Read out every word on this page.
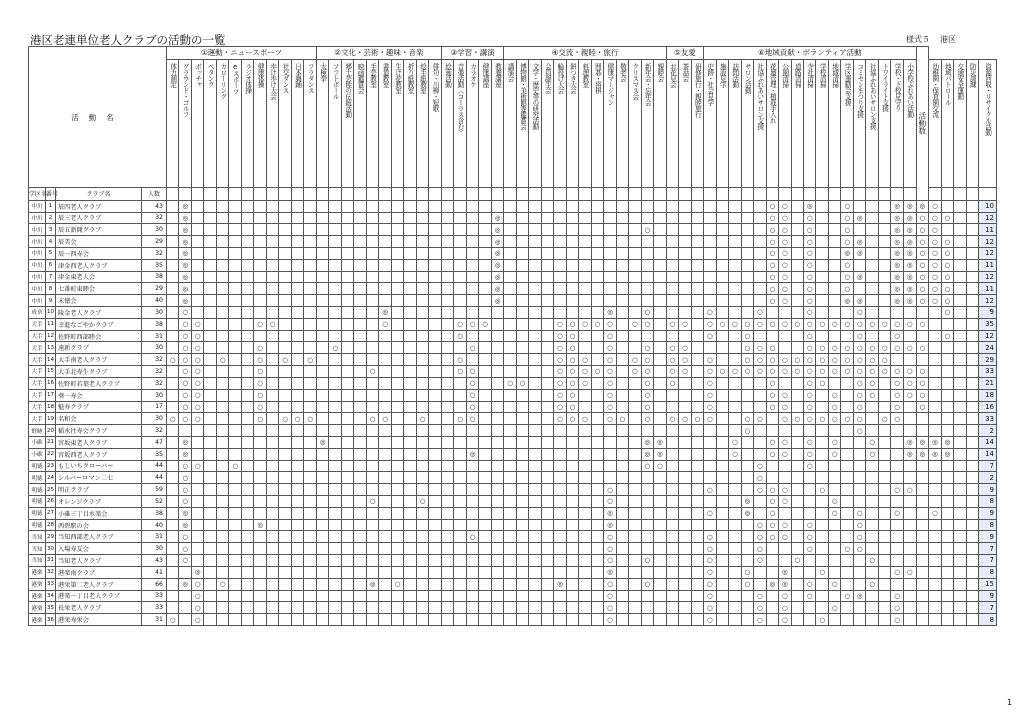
港区老連単位老人クラブの活動の一覧	様式５ 港区
活動名	①運動・ニュースポーツ	②文化・芸術・趣味・音楽	③学習・講演	④交流・親睦・旅行	⑤友愛	⑥地域貢献・ボランティア活動	活動数

体力測定	グラウンド・ゴルフ	ボッチャ	ペタンク	カローリング	eスポーツ	ラジオ体操	健康体操	歩け歩け大会	社交ダンス	日本舞踊	フラダンス	太極拳	ソフトボール	郷土芸能の伝統活動	映画鑑賞会	手芸教室	書道教室	生け花教室	折り紙教室	絵手紙教室	俳句・川柳・短歌	絵画活動	音楽活動（コーラス含む）	カラオケ	健康講座	教養講座	講演会	博物館・美術館等鑑賞会	文学・歴史等の研究活動	会員誕生会	輪投げ大会	餅つき大会	料理教室	囲碁・将棋	健康マージャン	敬老会	クリスマス会	新年会・忘年会	親睦会	お花見会	茶話会	研修旅行・親睦旅行	史跡・社会見学	施設見学	訪問活動	サロン活動	社協ふれあいサロン支援	花壇管理・植栽手入れ	公園清掃	道路清掃	寺社清掃	学校清掃	地域清掃	学区運動会支援	コミセンまつり支援	社協ふれあいサロン支援	トワイライト支援	学校・下校見守り	小学校ふれあい活動	幼稚園・保育園交流	地域パトロール	交通安全運動	防災訓練	資源回収・リサイクル活動

学区名	番号	クラブ名	人数																																																																	
中川	1	辰四老人クラブ	43		◎																																															○	○		◎			○				◎	◎	◎	○				10
中川	2	辰三老人クラブ	32		◎																									◎																						○	○		○			○	◎			◎	◎	○	○	○			12
中川	3	辰五新開クラブ	30		◎																									◎												○										○	○		○			○				◎	◎	○	○				11
中川	4	辰美会	29		◎																									◎																						○	○		○			○	◎			◎	◎	○	○	○			12
中川	5	辰一西寿会	32		◎																									◎																						○	○		○			◎	◎			◎	◎	○	○	○			12
中川	6	津金西老人クラブ	35		◎																									◎																						○	○		○			○				◎	◎	○	○	○			11
中川	7	津金東老人会	38		◎																									◎																						○	○		○			○	◎			◎	◎	○	○	○			12
中川	8	七番町東睦会	29		◎																									◎																						○	○		○			○				◎	◎	○	○	○			11
中川	9	末徳会	40		◎																									◎																						○	○		○			◎	◎			◎	◎	○	○	○			12
成章	10	陵金老人クラブ	30		○																◎																		◎			○					○				○				○				○							○			9
大手	11	幸進なごやかクラブ	38		○	○					○	○									○						○	○	○						○	○	○	○	○		○	○		○	○		○	○	○	○	○	○	○	○	○	○	○	○	○	○	○	○	○	○					35
大手	12	佐野町西部睦会	31		○	○																					○								○	○			○								○			○					○				○			○				○			12
大手	13	遠新クラブ	30		○	○					○						○											○							○	○			○			○		○	○					○	○	○			○	○	○	○	○	○	○	○	○	○					24
大手	14	大手南老人クラブ	32	○	○	○		○			○		○		○												○								○	○	○		○		○	○		○	○		○			○	○	○	○	○	○	○	○	○	○	○	○								29
大手	15	大手北寿生クラブ	32		○	○					○									○							○	○							○	○	○	○	○		○	○		○	○		○	○	○	○	○	○	○	○	○	○	○	○	○	○	○	○	○	○					33
大手	16	佐野町若葉老人クラブ	32		○	○					○																	○			○	○			○	○	○		○			○		○			○					○			○	○			○	○		○	○	○					21
大手	17	葵一寿会	30		○	○					○																	○							○	○			○			○					○					○	○		○		○		○	○		○	○	○					18
大手	18	魁寿クラブ	17		○	○					○																	○							○	○			○			○					○					○	○		○		○		○			○		○					16
大手	19	名和会	30	○	○	○					○		○	○	○					○	○			○			○	○							○	○	○		○	○		○		○	○	○	○			○	○		○	○	○	○	○	○	○		○	○							33
野跡	20	稲永往寿会クラブ	32																																															○									○										2
小碓	21	宮坂東老人クラブ	47		◎											◎																										◎	◎						○			○	○		○		○			○			◎	◎	◎	◎			14
小碓	22	宮坂西老人クラブ	35		◎																							◎														◎	◎						○			○	○		○		○			○			◎	◎	◎	◎			14
明徳	23	もしいちクローバー	44		○	○			○																																	○	○								○				○														7
明徳	24	シルバーロマン二七	44		○																																														○																		2
明徳	25	明正クラブ	59		○																																		○								○				○	○	○			○						○	○						9
明徳	26	オレンジクラブ	52		○															○				○															○											◎		○	○				○												8
明徳	27	小碓三丁目水楽会	38		◎																																		◎								○			◎		○					○		○			○			○				9
明徳	28	西碧駅の会	40		◎						◎																												◎												○	○	○		○				○										8
当知	29	当知西部老人クラブ	31		○																							○											○								○				○	○	○		○				○										9
当知	30	入場寿友会	30		○																																		○								○				○				○			○	○										7
当知	31	当知老人クラブ	43		○																																		○			○					○				○			○						○									7
港楽	32	港楽南クラブ	41			◎																																	◎								○			○			◎			○						○	○						8
港楽	33	港栄第二老人クラブ	66		◎	○		○												◎		○													◎				○			○					○			○		◎	◎		○		○			○									15
港楽	34	港楽一丁目老人クラブ	33			○																																	○								○				○		○		○			○	◎			○							9
港楽	35	長栄老人クラブ	33			○																																	○								○				○		○				○					○							7
港楽	36	港栄寿栄会	31	○		○																																	○								○				○		○			○						○							8
1
